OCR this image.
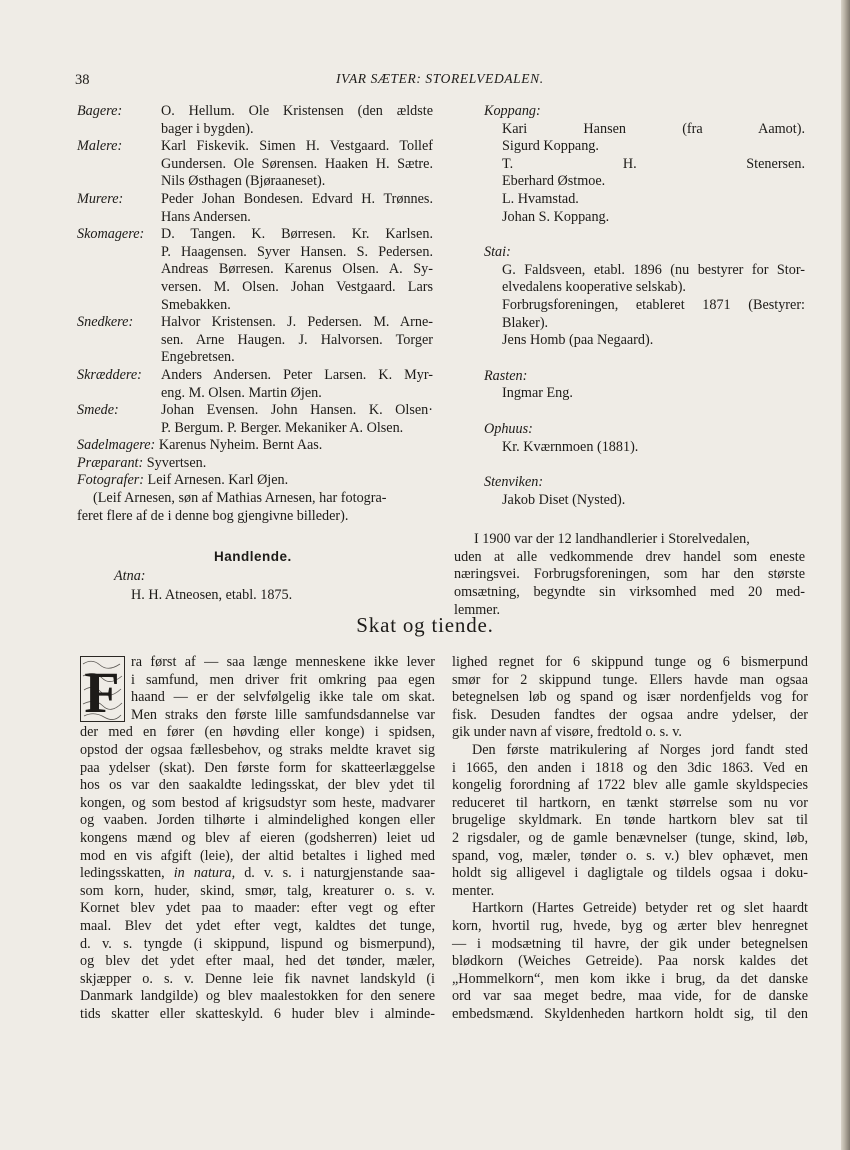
38	IVAR SÆTER: STORELVEDALEN.
Bagere:	O. Hellum. Ole Kristensen (den ældste
bager i bygden).
Malere:	Karl Fiskevik. Simen H. Vestgaard. Tollef
Gundersen. Ole Sørensen. Haaken H. Sætre.
Nils Østhagen (Bjøraaneset).
Murere:	Peder Johan Bondesen. Edvard H. Trønnes.
Hans Andersen.
Skomagere: D. Tangen. K. Børresen. Kr. Karlsen.
P. Haagensen. Syver Hansen. S. Pedersen.
Andreas Børresen. Karenus Olsen. A. Sy-
versen. M. Olsen. Johan Vestgaard. Lars
Smebakken.
Snedkere: Halvor Kristensen. J. Pedersen. M. Arne-
sen. Arne Haugen. J. Halvorsen. Torger
Engebretsen.
Skræddere: Anders Andersen. Peter Larsen. K. Myr-
eng. M. Olsen. Martin Øjen.
Smede:	Johan Evensen. John Hansen. K. Olsen·
P. Bergum. P. Berger. Mekaniker A. Olsen.
Sadelmagere: Karenus Nyheim. Bernt Aas.
Præparant: Syvertsen.
Fotografer: Leif Arnesen. Karl Øjen.
(Leif Arnesen, søn af Mathias Arnesen, har fotogra-
feret flere af de i denne bog gjengivne billeder).
Handlende.
Atna:
H. H. Atneosen, etabl. 1875.
Koppang:
Kari Hansen (fra Aamot).
Sigurd Koppang.
T. H. Stenersen.
Eberhard Østmoe.
L. Hvamstad.
Johan S. Koppang.
Stai:
G. Faldsveen, etabl. 1896 (nu bestyrer for Stor-
elvedalens kooperative selskab).
Forbrugsforeningen, etableret 1871 (Bestyrer:
Blaker).
Jens Homb (paa Negaard).
Rasten:
Ingmar Eng.
Ophuus:
Kr. Kværnmoen (1881).
Stenviken:
Jakob Diset (Nysted).
I 1900 var der 12 landhandlerier i Storelvedalen,
uden at alle vedkommende drev handel som eneste
næringsvei. Forbrugsforeningen, som har den største
omsætning, begyndte sin virksomhed med 20 med-
lemmer.
Skat og tiende.
F ra først af — saa længe menneskene ikke lever
i samfund, men driver frit omkring paa egen
haand — er der selvfølgelig ikke tale om skat.
Men straks den første lille samfundsdannelse var
der med en fører (en høvding eller konge) i spidsen,
opstod der ogsaa fællesbehov, og straks meldte kravet sig
paa ydelser (skat). Den første form for skatteerlæggelse
hos os var den saakaldte ledingsskat, der blev ydet til
kongen, og som bestod af krigsudstyr som heste, madvarer
og vaaben. Jorden tilhørte i almindelighed kongen eller
kongens mænd og blev af eieren (godsherren) leiet ud
mod en vis afgift (leie), der altid betaltes i lighed med
ledingsskatten, in natura, d. v. s. i naturgjenstande saa-
som korn, huder, skind, smør, talg, kreaturer o. s. v.
Kornet blev ydet paa to maader: efter vegt og efter
maal. Blev det ydet efter vegt, kaldtes det tunge,
d. v. s. tyngde (i skippund, lispund og bismerpund),
og blev det ydet efter maal, hed det tønder, mæler,
skjæpper o. s. v. Denne leie fik navnet landskyld (i
Danmark landgilde) og blev maalestokken for den senere
tids skatter eller skatteskyld. 6 huder blev i alminde-
lighed regnet for 6 skippund tunge og 6 bismerpund
smør for 2 skippund tunge. Ellers havde man ogsaa
betegnelsen løb og spand og især nordenfjelds vog for
fisk. Desuden fandtes der ogsaa andre ydelser, der
gik under navn af visøre, fredtold o. s. v.
Den første matrikulering af Norges jord fandt sted
i 1665, den anden i 1818 og den 3dic 1863. Ved en
kongelig forordning af 1722 blev alle gamle skyldspecies
reduceret til hartkorn, en tænkt størrelse som nu vor
brugelige skyldmark. En tønde hartkorn blev sat til
2 rigsdaler, og de gamle benævnelser (tunge, skind, løb,
spand, vog, mæler, tønder o. s. v.) blev ophævet, men
holdt sig alligevel i dagligtale og tildels ogsaa i doku-
menter.
Hartkorn (Hartes Getreide) betyder ret og slet haardt
korn, hvortil rug, hvede, byg og ærter blev henregnet
— i modsætning til havre, der gik under betegnelsen
blødkorn (Weiches Getreide). Paa norsk kaldes det
„Hommelkorn“, men kom ikke i brug, da det danske
ord var saa meget bedre, maa vide, for de danske
embedsmænd. Skyldenheden hartkorn holdt sig, til den
